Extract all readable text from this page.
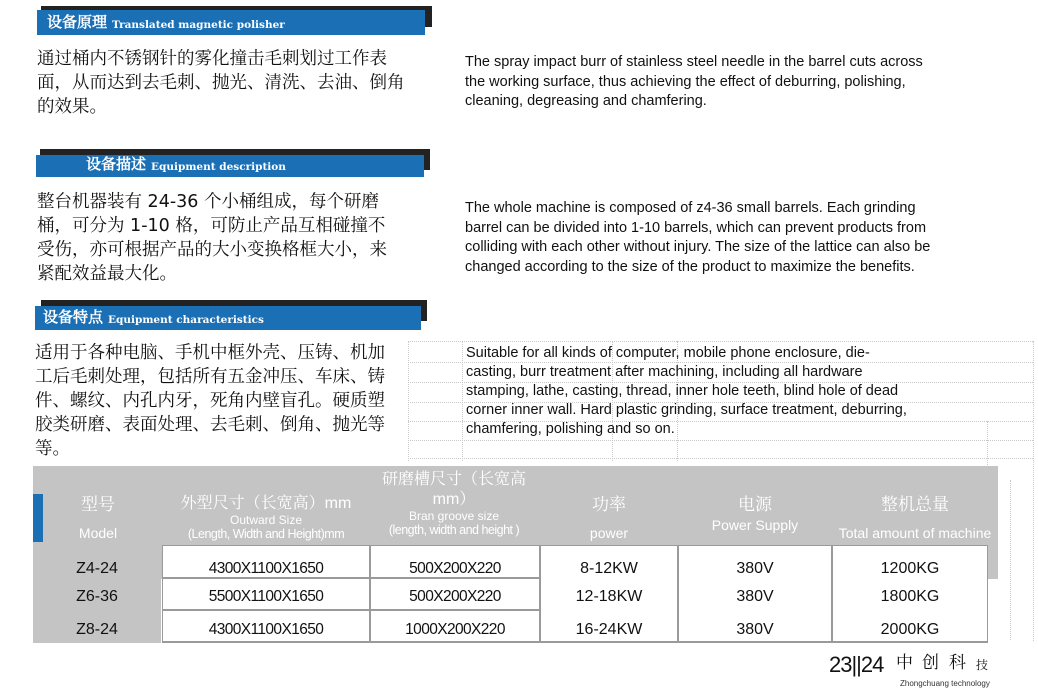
设备原理 Translated magnetic polisher
通过桶内不锈钢针的雾化撞击毛刺划过工作表
面，从而达到去毛刺、抛光、清洗、去油、倒角
的效果。
The spray impact burr of stainless steel needle in the barrel cuts across
the working surface, thus achieving the effect of deburring, polishing,
cleaning, degreasing and chamfering.
设备描述 Equipment description
整台机器装有 24-36 个小桶组成，每个研磨
桶，可分为 1-10 格，可防止产品互相碰撞不
受伤，亦可根据产品的大小变换格框大小，来
紧配效益最大化。
The whole machine is composed of z4-36 small barrels. Each grinding
barrel can be divided into 1-10 barrels, which can prevent products from
colliding with each other without injury. The size of the lattice can also be
changed according to the size of the product to maximize the benefits.
设备特点 Equipment characteristics
适用于各种电脑、手机中框外壳、压铸、机加
工后毛刺处理，包括所有五金冲压、车床、铸
件、螺纹、内孔内牙，死角内壁盲孔。硬质塑
胶类研磨、表面处理、去毛刺、倒角、抛光等
等。
Suitable for all kinds of computer, mobile phone enclosure, die-
casting, burr treatment after machining, including all hardware
stamping, lathe, casting, thread, inner hole teeth, blind hole of dead
corner inner wall. Hard plastic grinding, surface treatment, deburring,
chamfering, polishing and so on.
型号
Model
外型尺寸（长宽高）mm
Outward Size
(Length, Width and Height)mm
研磨槽尺寸（长宽高
mm）
Bran groove size
(length, width and height )
功率
power
电源
Power Supply
整机总量
Total amount of machine
Z4-24	4300X1100X1650	500X200X220	8-12KW	380V	1200KG
Z6-36	5500X1100X1650	500X200X220	12-18KW	380V	1800KG
Z8-24	4300X1100X1650	1000X200X220	16-24KW	380V	2000KG
23||24 中 创 科 技
Zhongchuang technology
